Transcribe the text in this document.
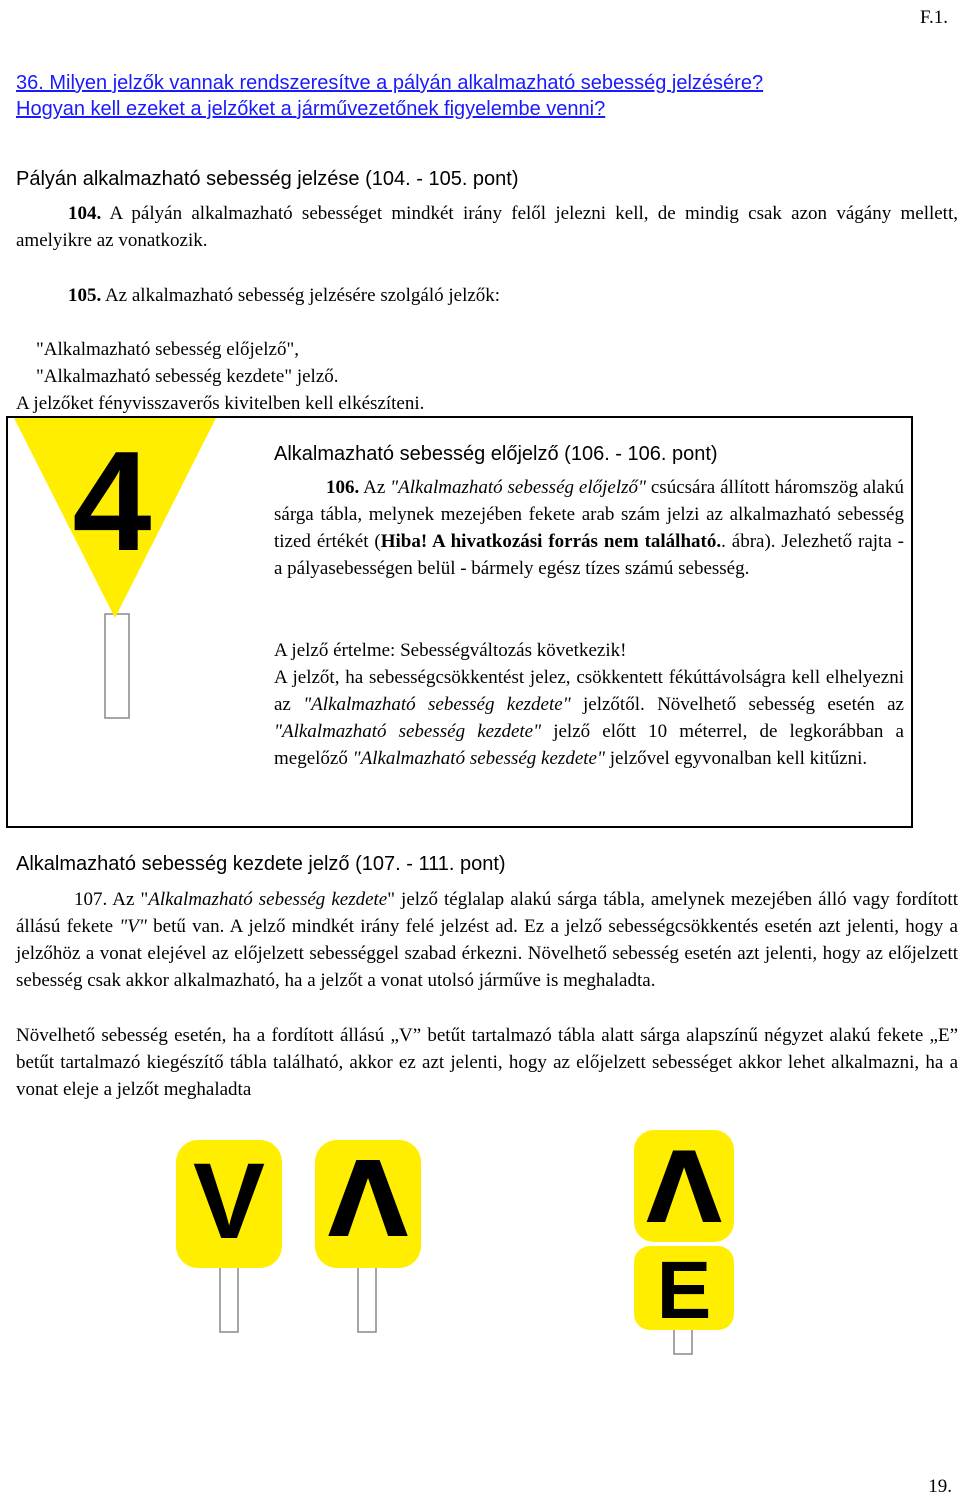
F.1.
36. Milyen jelzők vannak rendszeresítve a pályán alkalmazható sebesség jelzésére?
Hogyan kell ezeket a jelzőket a járművezetőnek figyelembe venni?
Pályán alkalmazható sebesség jelzése (104. - 105. pont)

104. A pályán alkalmazható sebességet mindkét irány felől jelezni kell, de mindig csak azon vágány mellett, amelyikre az vonatkozik.

105. Az alkalmazható sebesség jelzésére szolgáló jelzők:

"Alkalmazható sebesség előjelző",
"Alkalmazható sebesség kezdete" jelző.
A jelzőket fényvisszaverős kivitelben kell elkészíteni.
4	Alkalmazható sebesség előjelző (106. - 106. pont)

106. Az "Alkalmazható sebesség előjelző" csúcsára állított háromszög alakú sárga tábla, melynek mezejében fekete arab szám jelzi az alkalmazható sebesség tized értékét (Hiba! A hivatkozási forrás nem található.. ábra). Jelezhető rajta - a pályasebességen belül - bármely egész tízes számú sebesség.

A jelző értelme: Sebességváltozás következik!

A jelzőt, ha sebességcsökkentést jelez, csökkentett fékúttávolságra kell elhelyezni az "Alkalmazható sebesség kezdete" jelzőtől. Növelhető sebesség esetén az "Alkalmazható sebesség kezdete" jelző előtt 10 méterrel, de legkorábban a megelőző "Alkalmazható sebesség kezdete" jelzővel egyvonalban kell kitűzni.

Alkalmazható sebesség kezdete jelző (107. - 111. pont)

107. Az "Alkalmazható sebesség kezdete" jelző téglalap alakú sárga tábla, amelynek mezejében álló vagy fordított állású fekete "V" betű van. A jelző mindkét irány felé jelzést ad. Ez a jelző sebességcsökkentés esetén azt jelenti, hogy a jelzőhöz a vonat elejével az előjelzett sebességgel szabad érkezni. Növelhető sebesség esetén azt jelenti, hogy az előjelzett sebesség csak akkor alkalmazható, ha a jelzőt a vonat utolsó járműve is meghaladta.

Növelhető sebesség esetén, ha a fordított állású „V” betűt tartalmazó tábla alatt sárga alapszínű négyzet alakú fekete „E” betűt tartalmazó kiegészítő tábla található, akkor ez azt jelenti, hogy az előjelzett sebességet akkor lehet alkalmazni, ha a vonat eleje a jelzőt meghaladta

V Λ Λ
E
19.
